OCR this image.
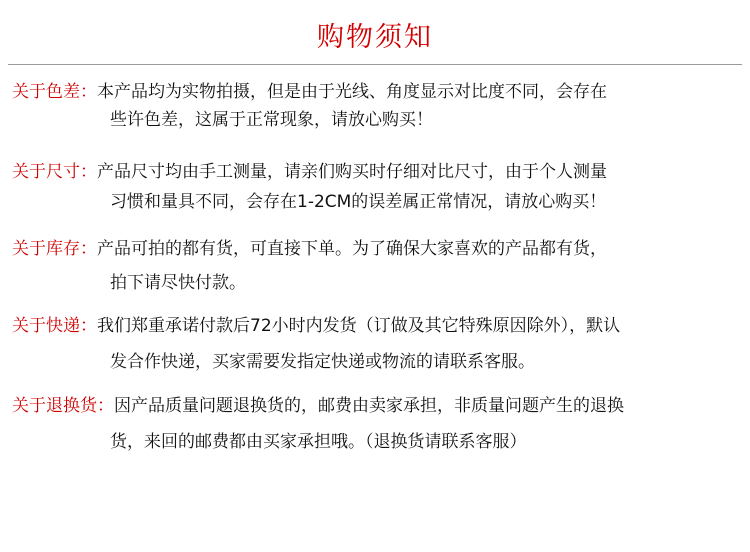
购物须知
关于色差：本产品均为实物拍摄，但是由于光线、角度显示对比度不同，会存在
些许色差，这属于正常现象，请放心购买！
关于尺寸：产品尺寸均由手工测量，请亲们购买时仔细对比尺寸，由于个人测量
习惯和量具不同，会存在1-2CM的误差属正常情况，请放心购买！
关于库存：产品可拍的都有货，可直接下单。为了确保大家喜欢的产品都有货，
拍下请尽快付款。
关于快递：我们郑重承诺付款后72小时内发货（订做及其它特殊原因除外），默认
发合作快递，买家需要发指定快递或物流的请联系客服。
关于退换货：因产品质量问题退换货的，邮费由卖家承担，非质量问题产生的退换
货，来回的邮费都由买家承担哦。（退换货请联系客服）
